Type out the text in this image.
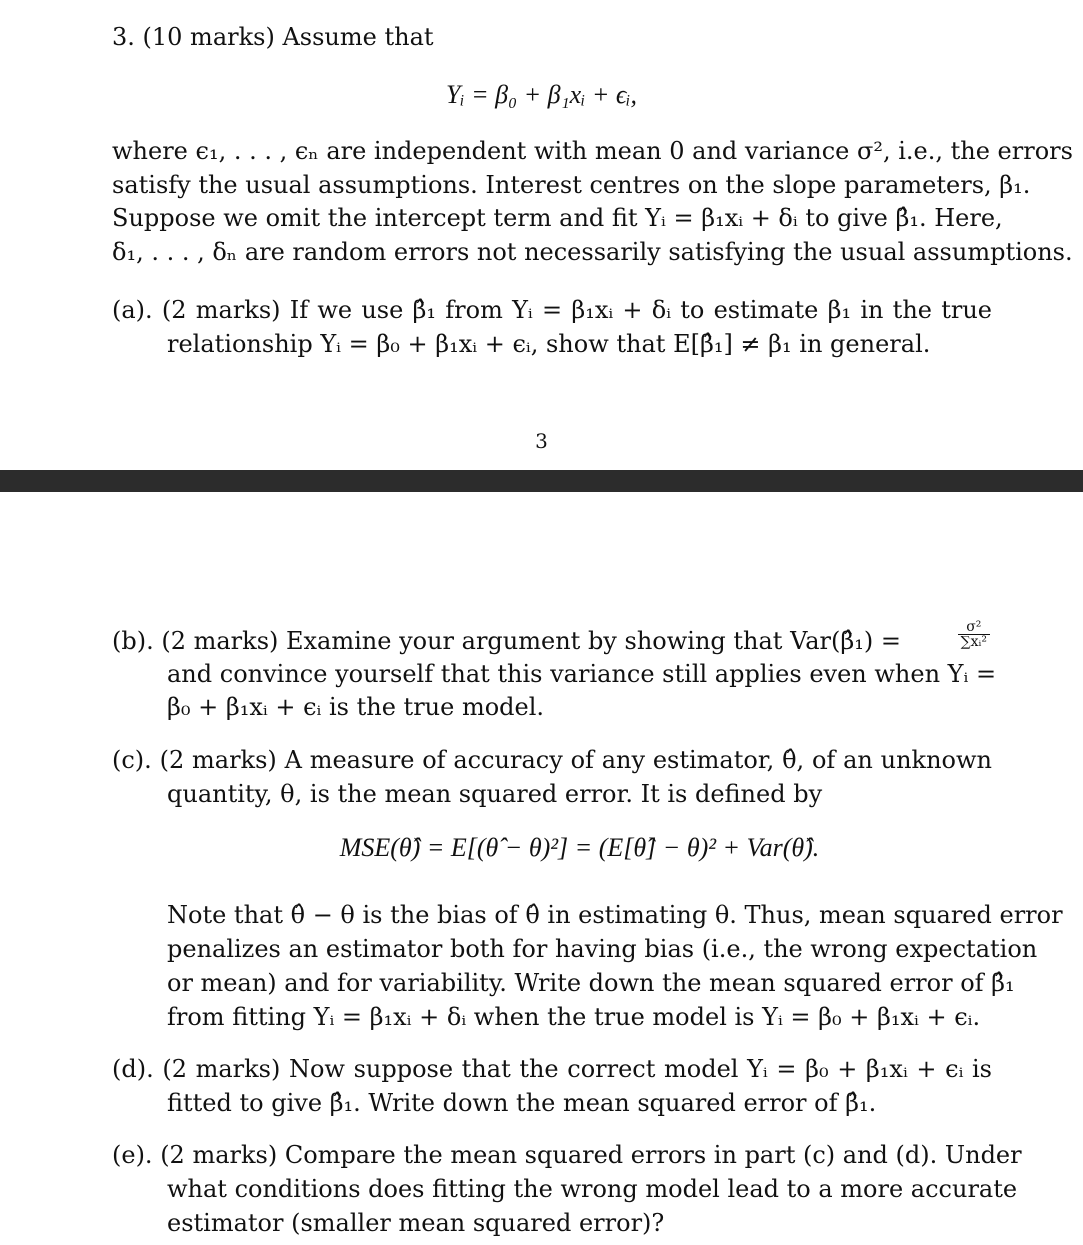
3. (10 marks) Assume that
Yᵢ = β₀ + β₁xᵢ + ϵᵢ,
where ϵ₁, . . . , ϵₙ are independent with mean 0 and variance σ², i.e., the errors
satisfy the usual assumptions. Interest centres on the slope parameters, β₁.
Suppose we omit the intercept term and fit Yᵢ = β₁xᵢ + δᵢ to give β̂₁. Here,
δ₁, . . . , δₙ are random errors not necessarily satisfying the usual assumptions.
(a). (2 marks) If we use β̂₁ from Yᵢ = β₁xᵢ + δᵢ to estimate β₁ in the true
relationship Yᵢ = β₀ + β₁xᵢ + ϵᵢ, show that E[β̂₁] ≠ β₁ in general.
3
(b). (2 marks) Examine your argument by showing that Var(β̂₁) =	$\frac{\text{σ²}}{\text{∑xᵢ²}}$
and convince yourself that this variance still applies even when Yᵢ =
β₀ + β₁xᵢ + ϵᵢ is the true model.
(c). (2 marks) A measure of accuracy of any estimator, θ̂, of an unknown
quantity, θ, is the mean squared error. It is defined by
MSE(θ̂) = E[(θ̂ − θ)²] = (E[θ̂] − θ)² + Var(θ̂).
Note that θ̂ − θ is the bias of θ̂ in estimating θ. Thus, mean squared error
penalizes an estimator both for having bias (i.e., the wrong expectation
or mean) and for variability. Write down the mean squared error of β̂₁
from fitting Yᵢ = β₁xᵢ + δᵢ when the true model is Yᵢ = β₀ + β₁xᵢ + ϵᵢ.
(d). (2 marks) Now suppose that the correct model Yᵢ = β₀ + β₁xᵢ + ϵᵢ is
fitted to give β̂₁. Write down the mean squared error of β̂₁.
(e). (2 marks) Compare the mean squared errors in part (c) and (d). Under
what conditions does fitting the wrong model lead to a more accurate
estimator (smaller mean squared error)?
